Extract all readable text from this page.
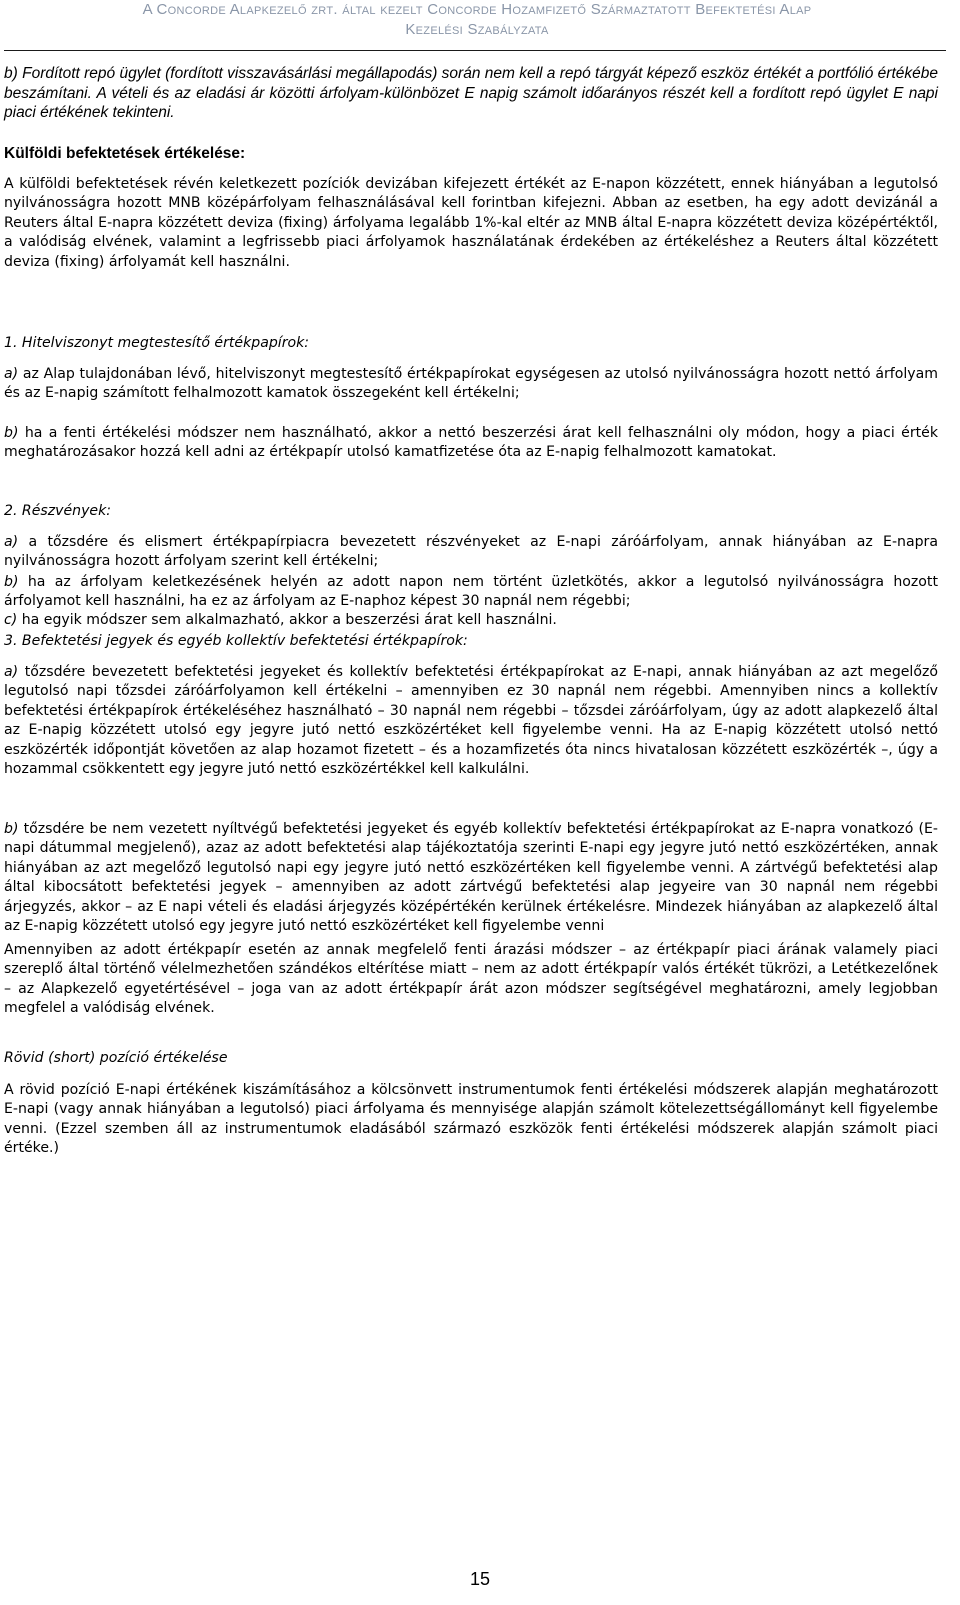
A Concorde Alapkezelő zrt. által kezelt Concorde Hozamfizető Származtatott Befektetési Alap
Kezelési Szabályzata

b) Fordított repó ügylet (fordított visszavásárlási megállapodás) során nem kell a repó tárgyát képező eszköz értékét a portfólió értékébe beszámítani. A vételi és az eladási ár közötti árfolyam-különbözet E napig számolt időarányos részét kell a fordított repó ügylet E napi piaci értékének tekinteni.

Külföldi befektetések értékelése:

A külföldi befektetések révén keletkezett pozíciók devizában kifejezett értékét az E-napon közzétett, ennek hiányában a legutolsó nyilvánosságra hozott MNB középárfolyam felhasználásával kell forintban kifejezni. Abban az esetben, ha egy adott devizánál a Reuters által E-napra közzétett deviza (fixing) árfolyama legalább 1%-kal eltér az MNB által E-napra közzétett deviza középértéktől, a valódiság elvének, valamint a legfrissebb piaci árfolyamok használatának érdekében az értékeléshez a Reuters által közzétett deviza (fixing) árfolyamát kell használni.

1. Hitelviszonyt megtestesítő értékpapírok:

a) az Alap tulajdonában lévő, hitelviszonyt megtestesítő értékpapírokat egységesen az utolsó nyilvánosságra hozott nettó árfolyam és az E-napig számított felhalmozott kamatok összegeként kell értékelni;

b) ha a fenti értékelési módszer nem használható, akkor a nettó beszerzési árat kell felhasználni oly módon, hogy a piaci érték meghatározásakor hozzá kell adni az értékpapír utolsó kamatfizetése óta az E-napig felhalmozott kamatokat.

2. Részvények:

a) a tőzsdére és elismert értékpapírpiacra bevezetett részvényeket az E-napi záróárfolyam, annak hiányában az E-napra nyilvánosságra hozott árfolyam szerint kell értékelni;

b) ha az árfolyam keletkezésének helyén az adott napon nem történt üzletkötés, akkor a legutolsó nyilvánosságra hozott árfolyamot kell használni, ha ez az árfolyam az E-naphoz képest 30 napnál nem régebbi;

c) ha egyik módszer sem alkalmazható, akkor a beszerzési árat kell használni.

3. Befektetési jegyek és egyéb kollektív befektetési értékpapírok:

a) tőzsdére bevezetett befektetési jegyeket és kollektív befektetési értékpapírokat az E-napi, annak hiányában az azt megelőző legutolsó napi tőzsdei záróárfolyamon kell értékelni – amennyiben ez 30 napnál nem régebbi. Amennyiben nincs a kollektív befektetési értékpapírok értékeléséhez használható – 30 napnál nem régebbi – tőzsdei záróárfolyam, úgy az adott alapkezelő által az E-napig közzétett utolsó egy jegyre jutó nettó eszközértéket kell figyelembe venni. Ha az E-napig közzétett utolsó nettó eszközérték időpontját követően az alap hozamot fizetett – és a hozamfizetés óta nincs hivatalosan közzétett eszközérték –, úgy a hozammal csökkentett egy jegyre jutó nettó eszközértékkel kell kalkulálni.

b) tőzsdére be nem vezetett nyíltvégű befektetési jegyeket és egyéb kollektív befektetési értékpapírokat az E-napra vonatkozó (E-napi dátummal megjelenő), azaz az adott befektetési alap tájékoztatója szerinti E-napi egy jegyre jutó nettó eszközértéken, annak hiányában az azt megelőző legutolsó napi egy jegyre jutó nettó eszközértéken kell figyelembe venni. A zártvégű befektetési alap által kibocsátott befektetési jegyek – amennyiben az adott zártvégű befektetési alap jegyeire van 30 napnál nem régebbi árjegyzés, akkor – az E napi vételi és eladási árjegyzés középértékén kerülnek értékelésre. Mindezek hiányában az alapkezelő által az E-napig közzétett utolsó egy jegyre jutó nettó eszközértéket kell figyelembe venni

Amennyiben az adott értékpapír esetén az annak megfelelő fenti árazási módszer – az értékpapír piaci árának valamely piaci szereplő által történő vélelmezhetően szándékos eltérítése miatt – nem az adott értékpapír valós értékét tükrözi, a Letétkezelőnek – az Alapkezelő egyetértésével – joga van az adott értékpapír árát azon módszer segítségével meghatározni, amely legjobban megfelel a valódiság elvének.

Rövid (short) pozíció értékelése

A rövid pozíció E-napi értékének kiszámításához a kölcsönvett instrumentumok fenti értékelési módszerek alapján meghatározott E-napi (vagy annak hiányában a legutolsó) piaci árfolyama és mennyisége alapján számolt kötelezettségállományt kell figyelembe venni. (Ezzel szemben áll az instrumentumok eladásából származó eszközök fenti értékelési módszerek alapján számolt piaci értéke.)

15
